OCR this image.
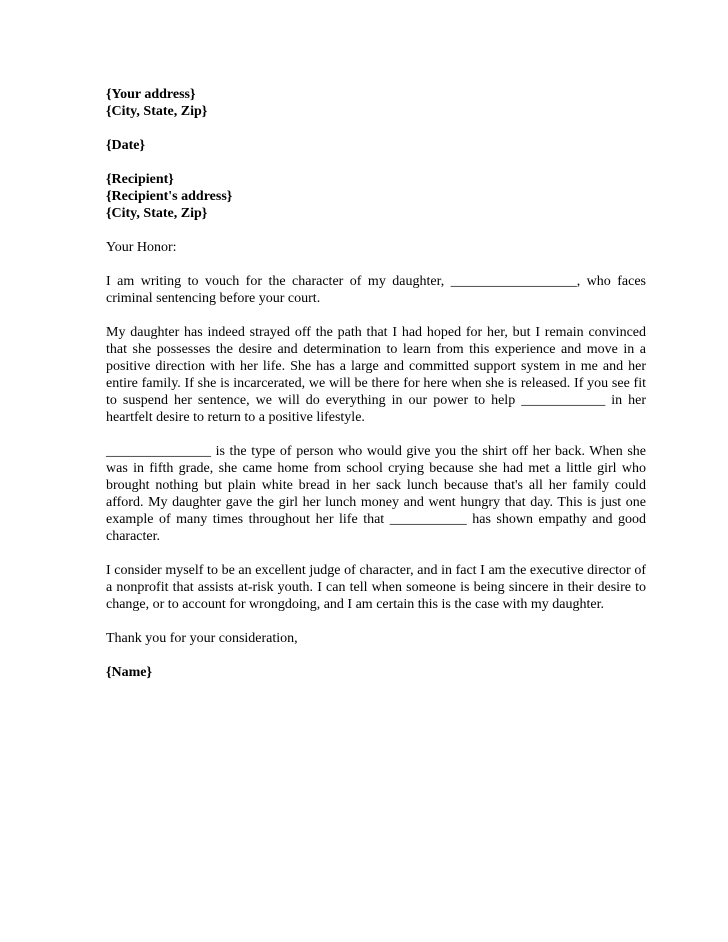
{Your address}
{City, State, Zip}
{Date}
{Recipient}
{Recipient's address}
{City, State, Zip}

Your Honor:

I am writing to vouch for the character of my daughter, __________________, who faces criminal sentencing before your court.

My daughter has indeed strayed off the path that I had hoped for her, but I remain convinced that she possesses the desire and determination to learn from this experience and move in a positive direction with her life. She has a large and committed support system in me and her entire family. If she is incarcerated, we will be there for here when she is released. If you see fit to suspend her sentence, we will do everything in our power to help ____________ in her heartfelt desire to return to a positive lifestyle.

_______________ is the type of person who would give you the shirt off her back. When she was in fifth grade, she came home from school crying because she had met a little girl who brought nothing but plain white bread in her sack lunch because that's all her family could afford. My daughter gave the girl her lunch money and went hungry that day. This is just one example of many times throughout her life that ___________ has shown empathy and good character.

I consider myself to be an excellent judge of character, and in fact I am the executive director of a nonprofit that assists at-risk youth. I can tell when someone is being sincere in their desire to change, or to account for wrongdoing, and I am certain this is the case with my daughter.

Thank you for your consideration,

{Name}
